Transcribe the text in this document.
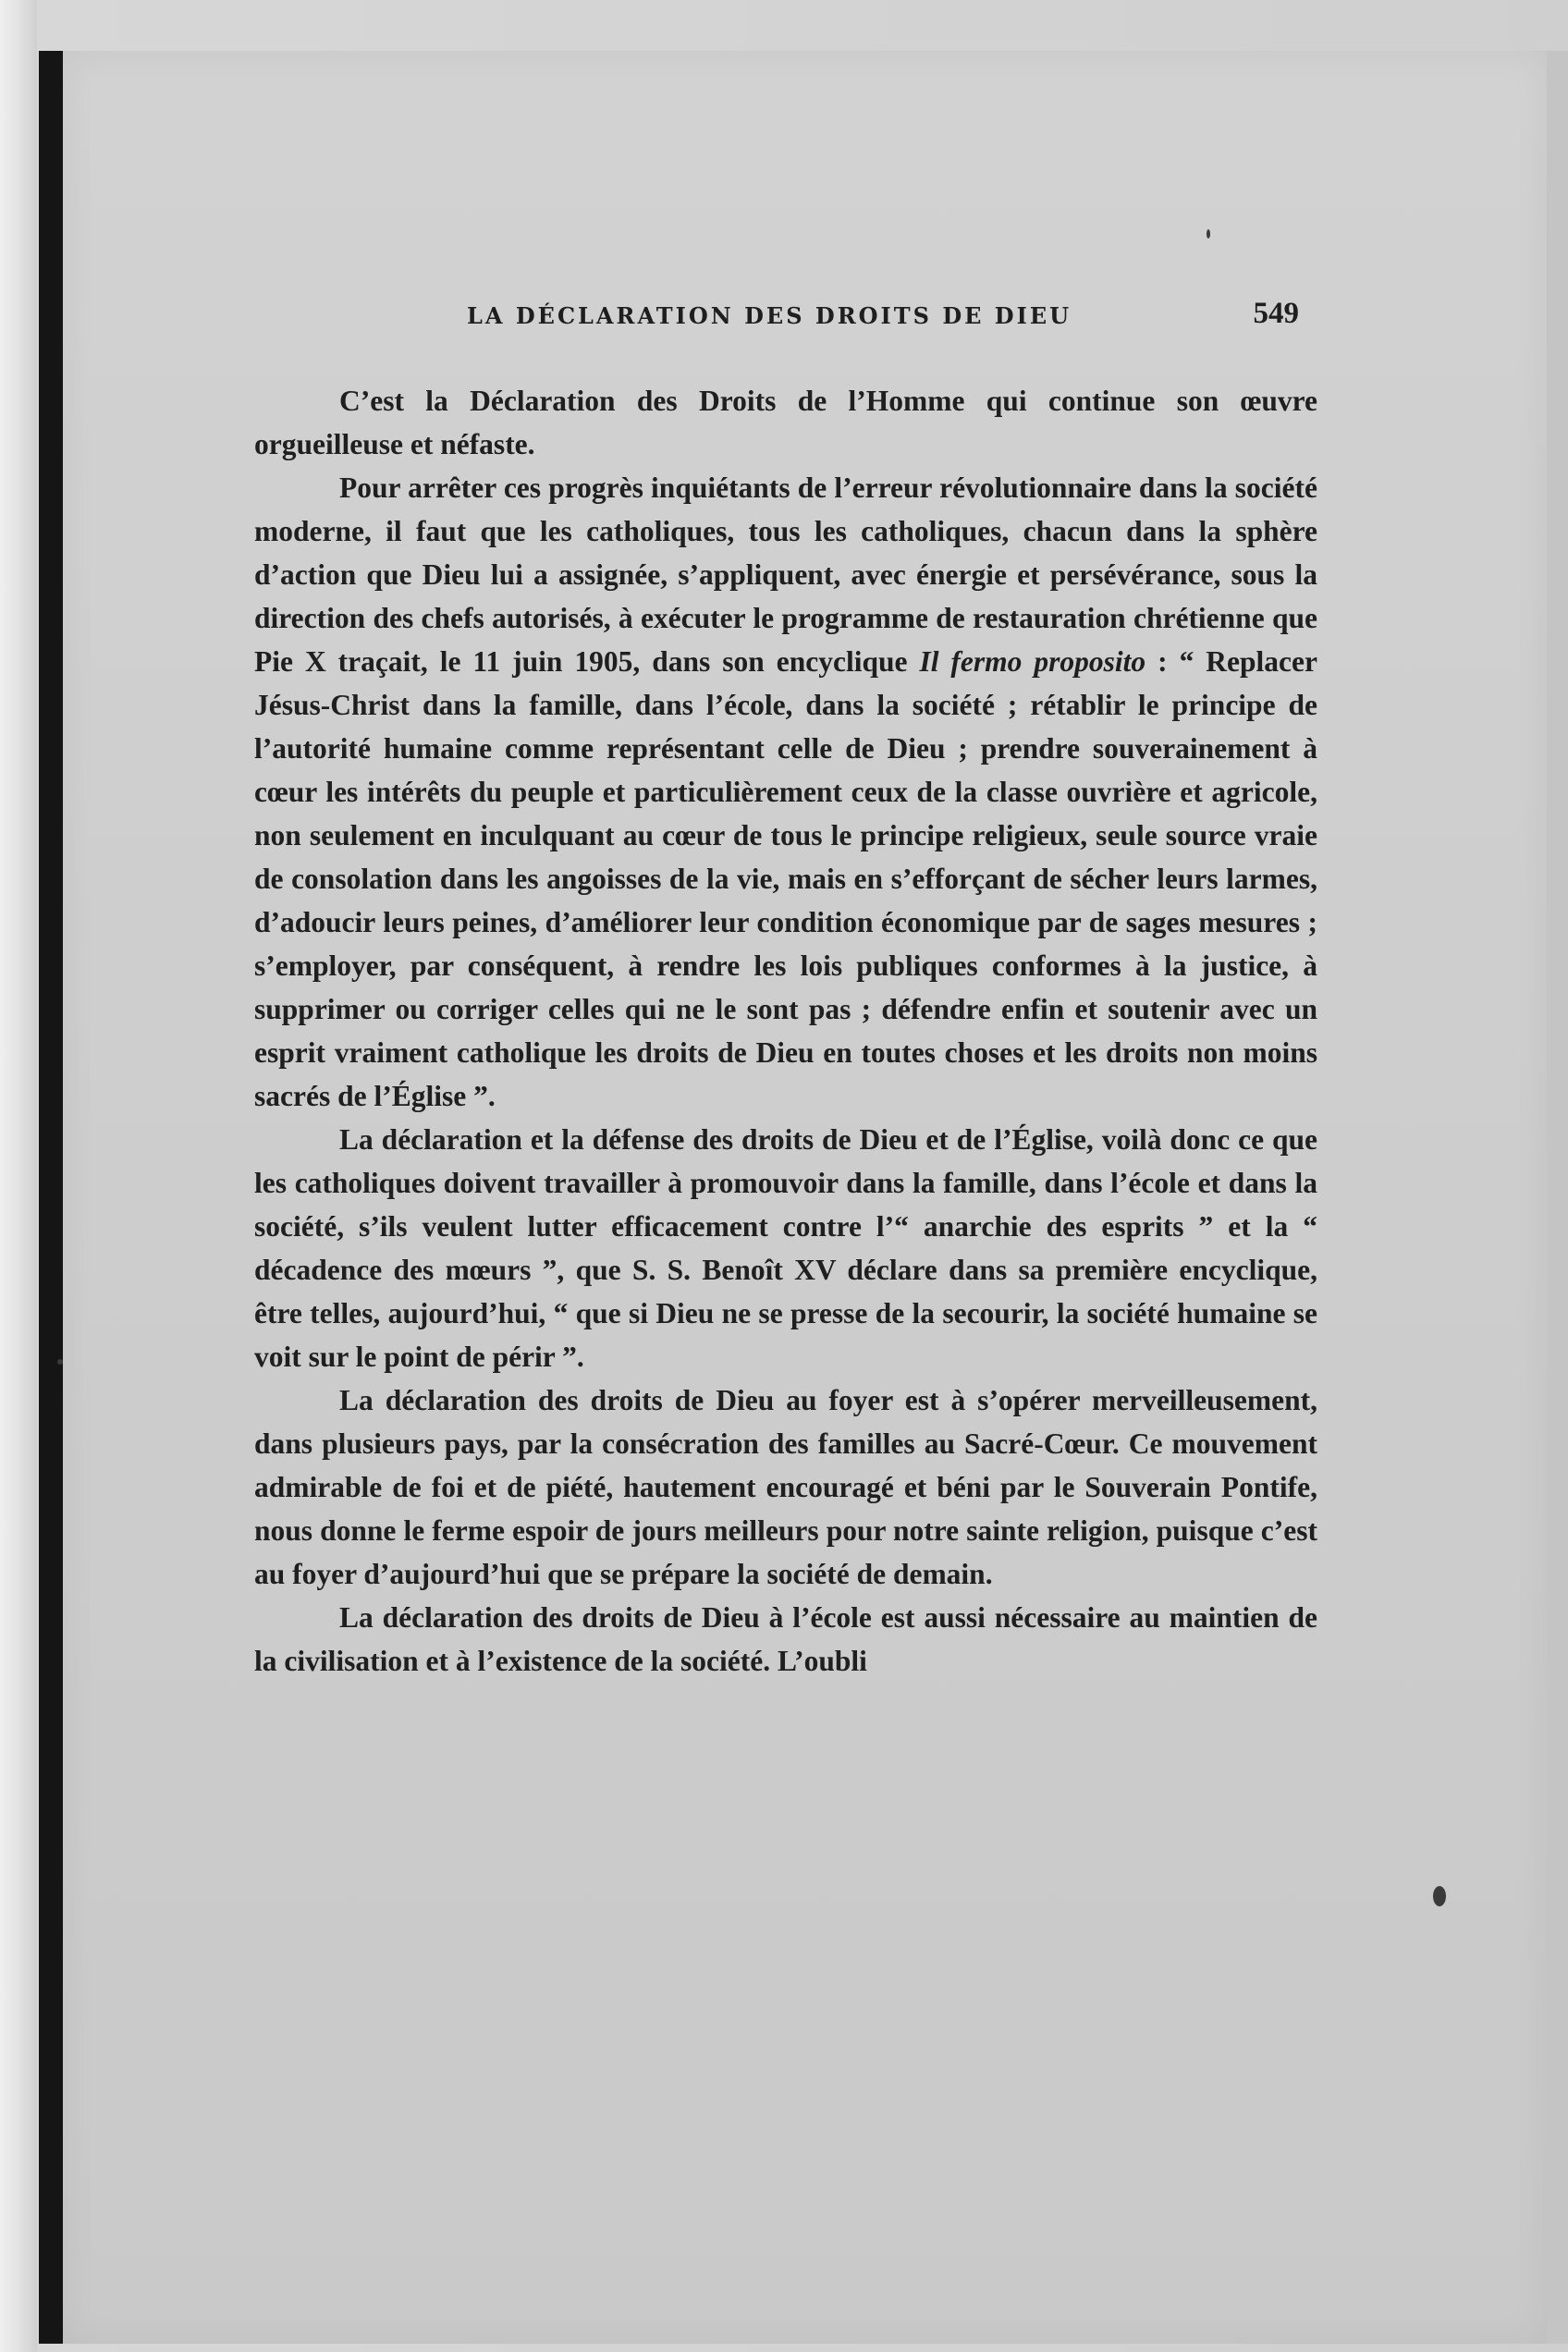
LA DÉCLARATION DES DROITS DE DIEU	549

C’est la Déclaration des Droits de l’Homme qui continue son œuvre orgueilleuse et néfaste.

Pour arrêter ces progrès inquiétants de l’erreur révolutionnaire dans la société moderne, il faut que les catholiques, tous les catholiques, chacun dans la sphère d’action que Dieu lui a assignée, s’appliquent, avec énergie et persévérance, sous la direction des chefs autorisés, à exécuter le programme de restauration chrétienne que Pie X traçait, le 11 juin 1905, dans son encyclique Il fermo proposito : “ Replacer Jésus-Christ dans la famille, dans l’école, dans la société ; rétablir le principe de l’autorité humaine comme représentant celle de Dieu ; prendre souverainement à cœur les intérêts du peuple et particulièrement ceux de la classe ouvrière et agricole, non seulement en inculquant au cœur de tous le principe religieux, seule source vraie de consolation dans les angoisses de la vie, mais en s’efforçant de sécher leurs larmes, d’adoucir leurs peines, d’améliorer leur condition économique par de sages mesures ; s’employer, par conséquent, à rendre les lois publiques conformes à la justice, à supprimer ou corriger celles qui ne le sont pas ; défendre enfin et soutenir avec un esprit vraiment catholique les droits de Dieu en toutes choses et les droits non moins sacrés de l’Église ”.

La déclaration et la défense des droits de Dieu et de l’Église, voilà donc ce que les catholiques doivent travailler à promouvoir dans la famille, dans l’école et dans la société, s’ils veulent lutter efficacement contre l’“ anarchie des esprits ” et la “ décadence des mœurs ”, que S. S. Benoît XV déclare dans sa première encyclique, être telles, aujourd’hui, “ que si Dieu ne se presse de la secourir, la société humaine se voit sur le point de périr ”.

La déclaration des droits de Dieu au foyer est à s’opérer merveilleusement, dans plusieurs pays, par la consécration des familles au Sacré-Cœur. Ce mouvement admirable de foi et de piété, hautement encouragé et béni par le Souverain Pontife, nous donne le ferme espoir de jours meilleurs pour notre sainte religion, puisque c’est au foyer d’aujourd’hui que se prépare la société de demain.

La déclaration des droits de Dieu à l’école est aussi nécessaire au maintien de la civilisation et à l’existence de la société. L’oubli
